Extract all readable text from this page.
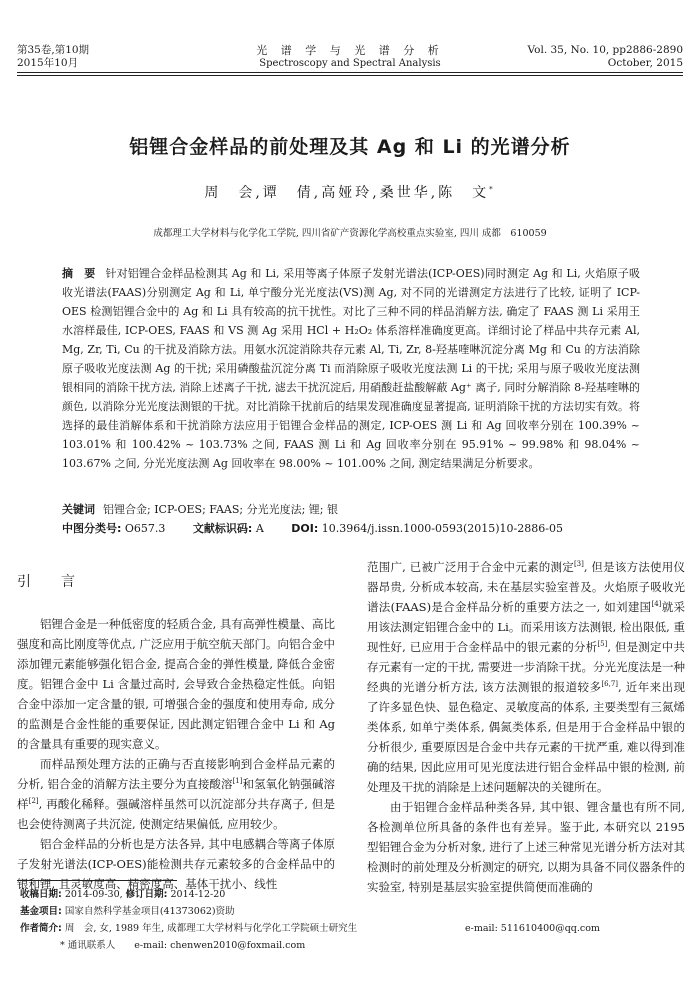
第35卷,第10期
2015年10月
光 谱 学 与 光 谱 分 析
Spectroscopy and Spectral Analysis
Vol. 35, No. 10, pp2886-2890
October, 2015
铝锂合金样品的前处理及其 Ag 和 Li 的光谱分析
周　会,谭　倩,高娅玲,桑世华,陈　文*
成都理工大学材料与化学化工学院, 四川省矿产资源化学高校重点实验室, 四川 成都　610059
摘　要 针对铝锂合金样品检测其 Ag 和 Li, 采用等离子体原子发射光谱法(ICP-OES)同时测定 Ag 和 Li, 火焰原子吸收光谱法(FAAS)分别测定 Ag 和 Li, 单宁酸分光光度法(VS)测 Ag, 对不同的光谱测定方法进行了比较, 证明了 ICP-OES 检测铝锂合金中的 Ag 和 Li 具有较高的抗干扰性。对比了三种不同的样品消解方法, 确定了 FAAS 测 Li 采用王水溶样最佳, ICP-OES, FAAS 和 VS 测 Ag 采用 HCl + H₂O₂ 体系溶样准确度更高。详细讨论了样品中共存元素 Al, Mg, Zr, Ti, Cu 的干扰及消除方法。用氨水沉淀消除共存元素 Al, Ti, Zr, 8-羟基喹啉沉淀分离 Mg 和 Cu 的方法消除原子吸收光度法测 Ag 的干扰; 采用磷酸盐沉淀分离 Ti 而消除原子吸收光度法测 Li 的干扰; 采用与原子吸收光度法测银相同的消除干扰方法, 消除上述离子干扰, 滤去干扰沉淀后, 用硝酸赶盐酸解蔽 Ag⁺ 离子, 同时分解消除 8-羟基喹啉的颜色, 以消除分光光度法测银的干扰。对比消除干扰前后的结果发现准确度显著提高, 证明消除干扰的方法切实有效。将选择的最佳消解体系和干扰消除方法应用于铝锂合金样品的测定, ICP-OES 测 Li 和 Ag 回收率分别在 100.39% ~ 103.01% 和 100.42% ~ 103.73% 之间, FAAS 测 Li 和 Ag 回收率分别在 95.91% ~ 99.98% 和 98.04% ~ 103.67% 之间, 分光光度法测 Ag 回收率在 98.00% ~ 101.00% 之间, 测定结果满足分析要求。
关键词 铝锂合金; ICP-OES; FAAS; 分光光度法; 锂; 银
中图分类号: O657.3	文献标识码: A	DOI: 10.3964/j.issn.1000-0593(2015)10-2886-05
引　言

铝锂合金是一种低密度的轻质合金, 具有高弹性模量、高比强度和高比刚度等优点, 广泛应用于航空航天部门。向铝合金中添加锂元素能够强化铝合金, 提高合金的弹性模量, 降低合金密度。铝锂合金中 Li 含量过高时, 会导致合金热稳定性低。向铝合金中添加一定含量的银, 可增强合金的强度和使用寿命, 成分的监测是合金性能的重要保证, 因此测定铝锂合金中 Li 和 Ag 的含量具有重要的现实意义。

而样品预处理方法的正确与否直接影响到合金样品元素的分析, 铝合金的消解方法主要分为直接酸溶[1]和氢氧化钠强碱溶样[2], 再酸化稀释。强碱溶样虽然可以沉淀部分共存离子, 但是也会使待测离子共沉淀, 使测定结果偏低, 应用较少。

铝合金样品的分析也是方法各异, 其中电感耦合等离子体原子发射光谱法(ICP-OES)能检测共存元素较多的合金样品中的银和锂, 且灵敏度高、精密度高、基体干扰小、线性

范围广, 已被广泛用于合金中元素的测定[3], 但是该方法使用仪器昂贵, 分析成本较高, 未在基层实验室普及。火焰原子吸收光谱法(FAAS)是合金样品分析的重要方法之一, 如刘建国[4]就采用该法测定铝锂合金中的 Li。而采用该方法测银, 检出限低, 重现性好, 已应用于合金样品中的银元素的分析[5], 但是测定中共存元素有一定的干扰, 需要进一步消除干扰。分光光度法是一种经典的光谱分析方法, 该方法测银的报道较多[6,7], 近年来出现了许多显色快、显色稳定、灵敏度高的体系, 主要类型有三氮烯类体系, 如单宁类体系, 偶氮类体系, 但是用于合金样品中银的分析很少, 重要原因是合金中共存元素的干扰严重, 难以得到准确的结果, 因此应用可见光度法进行铝合金样品中银的检测, 前处理及干扰的消除是上述问题解决的关键所在。

由于铝锂合金样品种类各异, 其中银、锂含量也有所不同, 各检测单位所具备的条件也有差异。鉴于此, 本研究以 2195 型铝锂合金为分析对象, 进行了上述三种常见光谱分析方法对其检测时的前处理及分析测定的研究, 以期为具备不同仪器条件的实验室, 特别是基层实验室提供简便而准确的

收稿日期: 2014-09-30, 修订日期: 2014-12-20
基金项目: 国家自然科学基金项目(41373062)资助
作者简介: 周　会, 女, 1989 年生, 成都理工大学材料与化学化工学院硕士研究生	e-mail: 511610400@qq.com
* 通讯联系人　　e-mail: chenwen2010@foxmail.com
